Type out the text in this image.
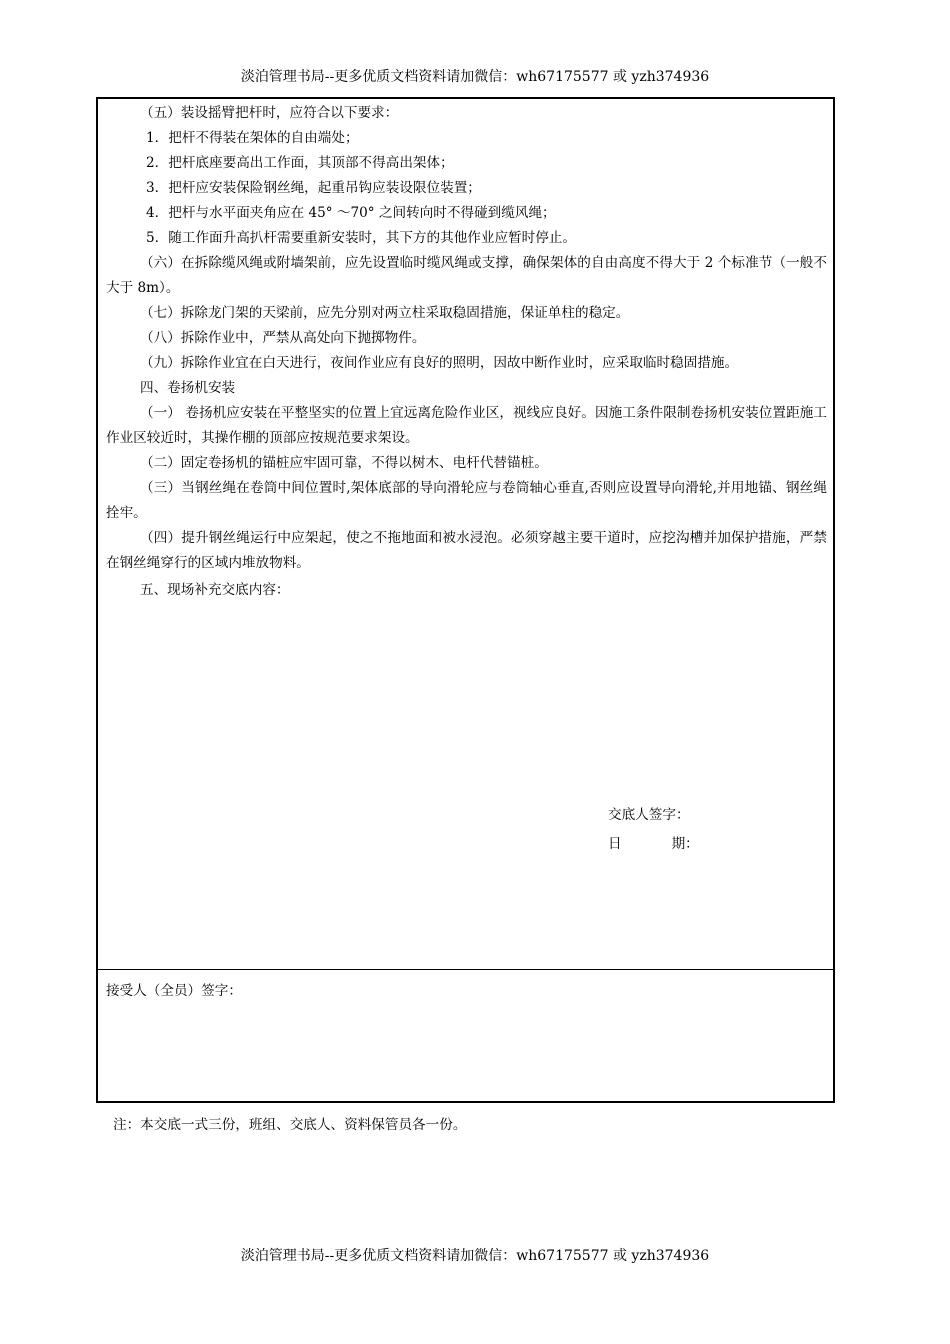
淡泊管理书局--更多优质文档资料请加微信：wh67175577 或 yzh374936

（五）装设摇臂把杆时，应符合以下要求：

1．把杆不得装在架体的自由端处；

2．把杆底座要高出工作面，其顶部不得高出架体；

3．把杆应安装保险钢丝绳，起重吊钩应装设限位装置；

4．把杆与水平面夹角应在 45° ～70° 之间转向时不得碰到缆风绳；

5．随工作面升高扒杆需要重新安装时，其下方的其他作业应暂时停止。

（六）在拆除缆风绳或附墙架前，应先设置临时缆风绳或支撑，确保架体的自由高度不得大于 2 个标准节（一般不大于 8m）。

（七）拆除龙门架的天梁前，应先分别对两立柱采取稳固措施，保证单柱的稳定。

（八）拆除作业中，严禁从高处向下抛掷物件。

（九）拆除作业宜在白天进行，夜间作业应有良好的照明，因故中断作业时，应采取临时稳固措施。

四、卷扬机安装

（一） 卷扬机应安装在平整坚实的位置上宜远离危险作业区，视线应良好。因施工条件限制卷扬机安装位置距施工作业区较近时，其操作棚的顶部应按规范要求架设。

（二）固定卷扬机的锚桩应牢固可靠，不得以树木、电杆代替锚桩。

（三）当钢丝绳在卷筒中间位置时,架体底部的导向滑轮应与卷筒轴心垂直,否则应设置导向滑轮,并用地锚、钢丝绳拴牢。

（四）提升钢丝绳运行中应架起，使之不拖地面和被水浸泡。必须穿越主要干道时，应挖沟槽并加保护措施，严禁在钢丝绳穿行的区域内堆放物料。

五、现场补充交底内容：

交底人签字：
日	期：
接受人（全员）签字：
注：本交底一式三份，班组、交底人、资料保管员各一份。
淡泊管理书局--更多优质文档资料请加微信：wh67175577 或 yzh374936
